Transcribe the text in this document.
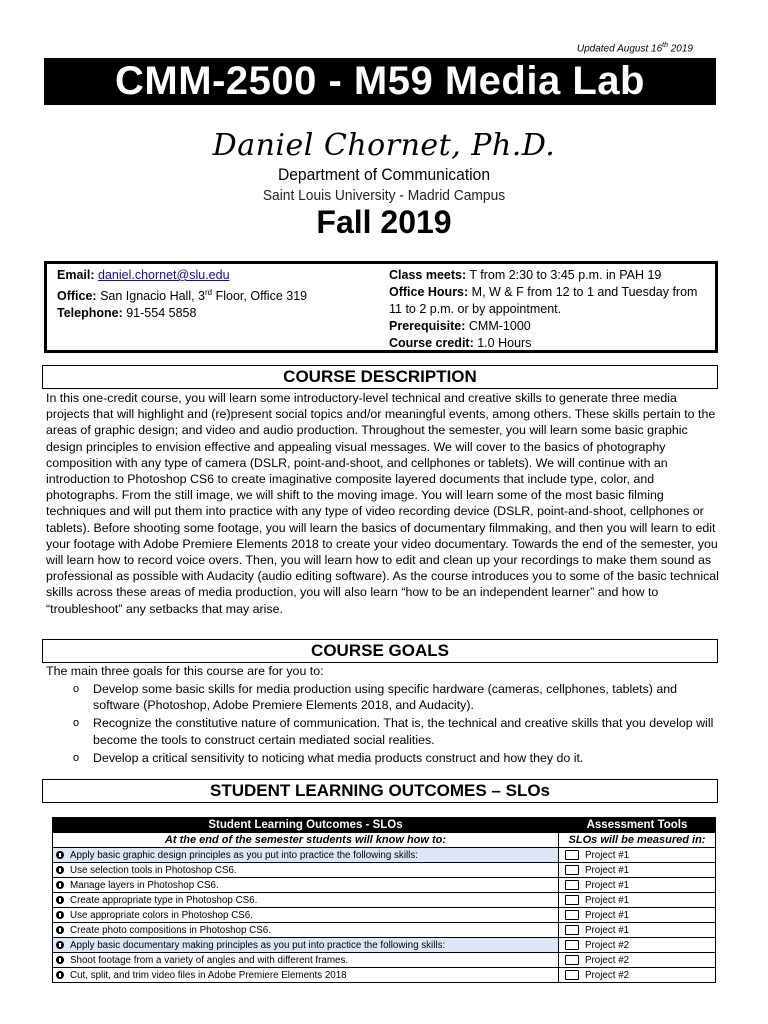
Updated August 16th 2019
CMM-2500 - M59 Media Lab
Daniel Chornet, Ph.D.
Department of Communication
Saint Louis University - Madrid Campus
Fall 2019
Email: daniel.chornet@slu.edu
Office: San Ignacio Hall, 3rd Floor, Office 319
Telephone: 91-554 5858
Class meets: T from 2:30 to 3:45 p.m. in PAH 19
Office Hours: M, W & F from 12 to 1 and Tuesday from 11 to 2 p.m. or by appointment.
Prerequisite: CMM-1000
Course credit: 1.0 Hours
COURSE DESCRIPTION
In this one-credit course, you will learn some introductory-level technical and creative skills to generate three media projects that will highlight and (re)present social topics and/or meaningful events, among others. These skills pertain to the areas of graphic design; and video and audio production. Throughout the semester, you will learn some basic graphic design principles to envision effective and appealing visual messages. We will cover to the basics of photography composition with any type of camera (DSLR, point-and-shoot, and cellphones or tablets). We will continue with an introduction to Photoshop CS6 to create imaginative composite layered documents that include type, color, and photographs. From the still image, we will shift to the moving image. You will learn some of the most basic filming techniques and will put them into practice with any type of video recording device (DSLR, point-and-shoot, cellphones or tablets). Before shooting some footage, you will learn the basics of documentary filmmaking, and then you will learn to edit your footage with Adobe Premiere Elements 2018 to create your video documentary. Towards the end of the semester, you will learn how to record voice overs. Then, you will learn how to edit and clean up your recordings to make them sound as professional as possible with Audacity (audio editing software). As the course introduces you to some of the basic technical skills across these areas of media production, you will also learn “how to be an independent learner” and how to “troubleshoot” any setbacks that may arise.
COURSE GOALS
The main three goals for this course are for you to:
o Develop some basic skills for media production using specific hardware (cameras, cellphones, tablets) and software (Photoshop, Adobe Premiere Elements 2018, and Audacity).
o Recognize the constitutive nature of communication. That is, the technical and creative skills that you develop will become the tools to construct certain mediated social realities.
o Develop a critical sensitivity to noticing what media products construct and how they do it.
STUDENT LEARNING OUTCOMES – SLOs
Student Learning Outcomes - SLOs	Assessment Tools
At the end of the semester students will know how to:	SLOs will be measured in:
Apply basic graphic design principles as you put into practice the following skills:	Project #1
Use selection tools in Photoshop CS6.	Project #1
Manage layers in Photoshop CS6.	Project #1
Create appropriate type in Photoshop CS6.	Project #1
Use appropriate colors in Photoshop CS6.	Project #1
Create photo compositions in Photoshop CS6.	Project #1
Apply basic documentary making principles as you put into practice the following skills:	Project #2
Shoot footage from a variety of angles and with different frames.	Project #2
Cut, split, and trim video files in Adobe Premiere Elements 2018	Project #2
